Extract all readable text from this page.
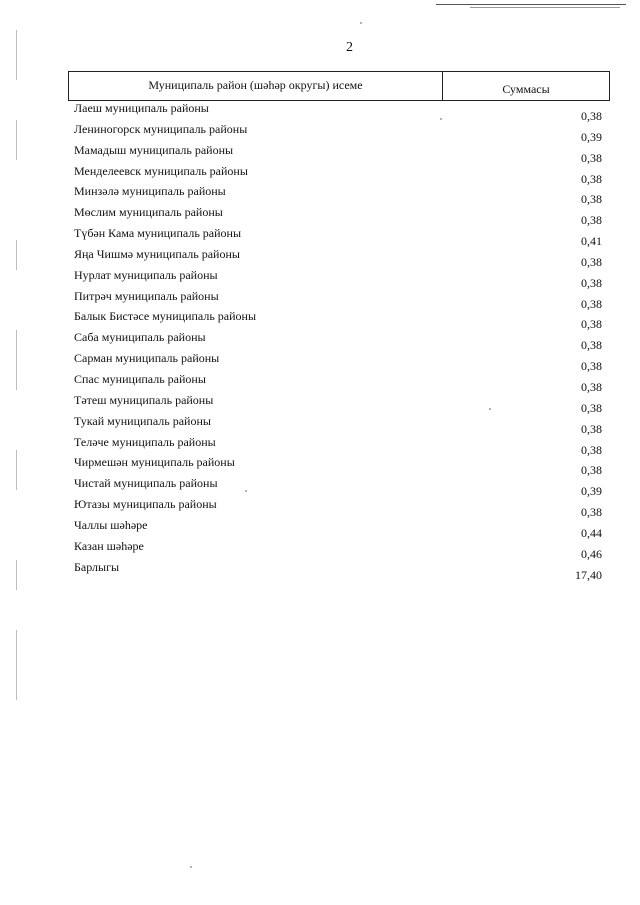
2
Муниципаль район (шәһәр округы) исеме	Суммасы
Лаеш муниципаль районы
0,38
Лениногорск муниципаль районы
0,39
Мамадыш муниципаль районы
0,38
Менделеевск муниципаль районы
0,38
Минзәлә муниципаль районы
0,38
Мөслим муниципаль районы
0,38
Түбән Кама муниципаль районы
0,41
Яңа Чишмә муниципаль районы
0,38
Нурлат муниципаль районы
0,38
Питрәч муниципаль районы
0,38
Балык Бистәсе муниципаль районы
0,38
Саба муниципаль районы
0,38
Сарман муниципаль районы
0,38
Спас муниципаль районы
0,38
Тәтеш муниципаль районы
0,38
Тукай муниципаль районы
0,38
Теләче муниципаль районы
0,38
Чирмешән муниципаль районы
0,38
Чистай муниципаль районы
0,39
Ютазы муниципаль районы
0,38
Чаллы шәһәре
0,44
Казан шәһәре
0,46
Барлыгы
17,40
